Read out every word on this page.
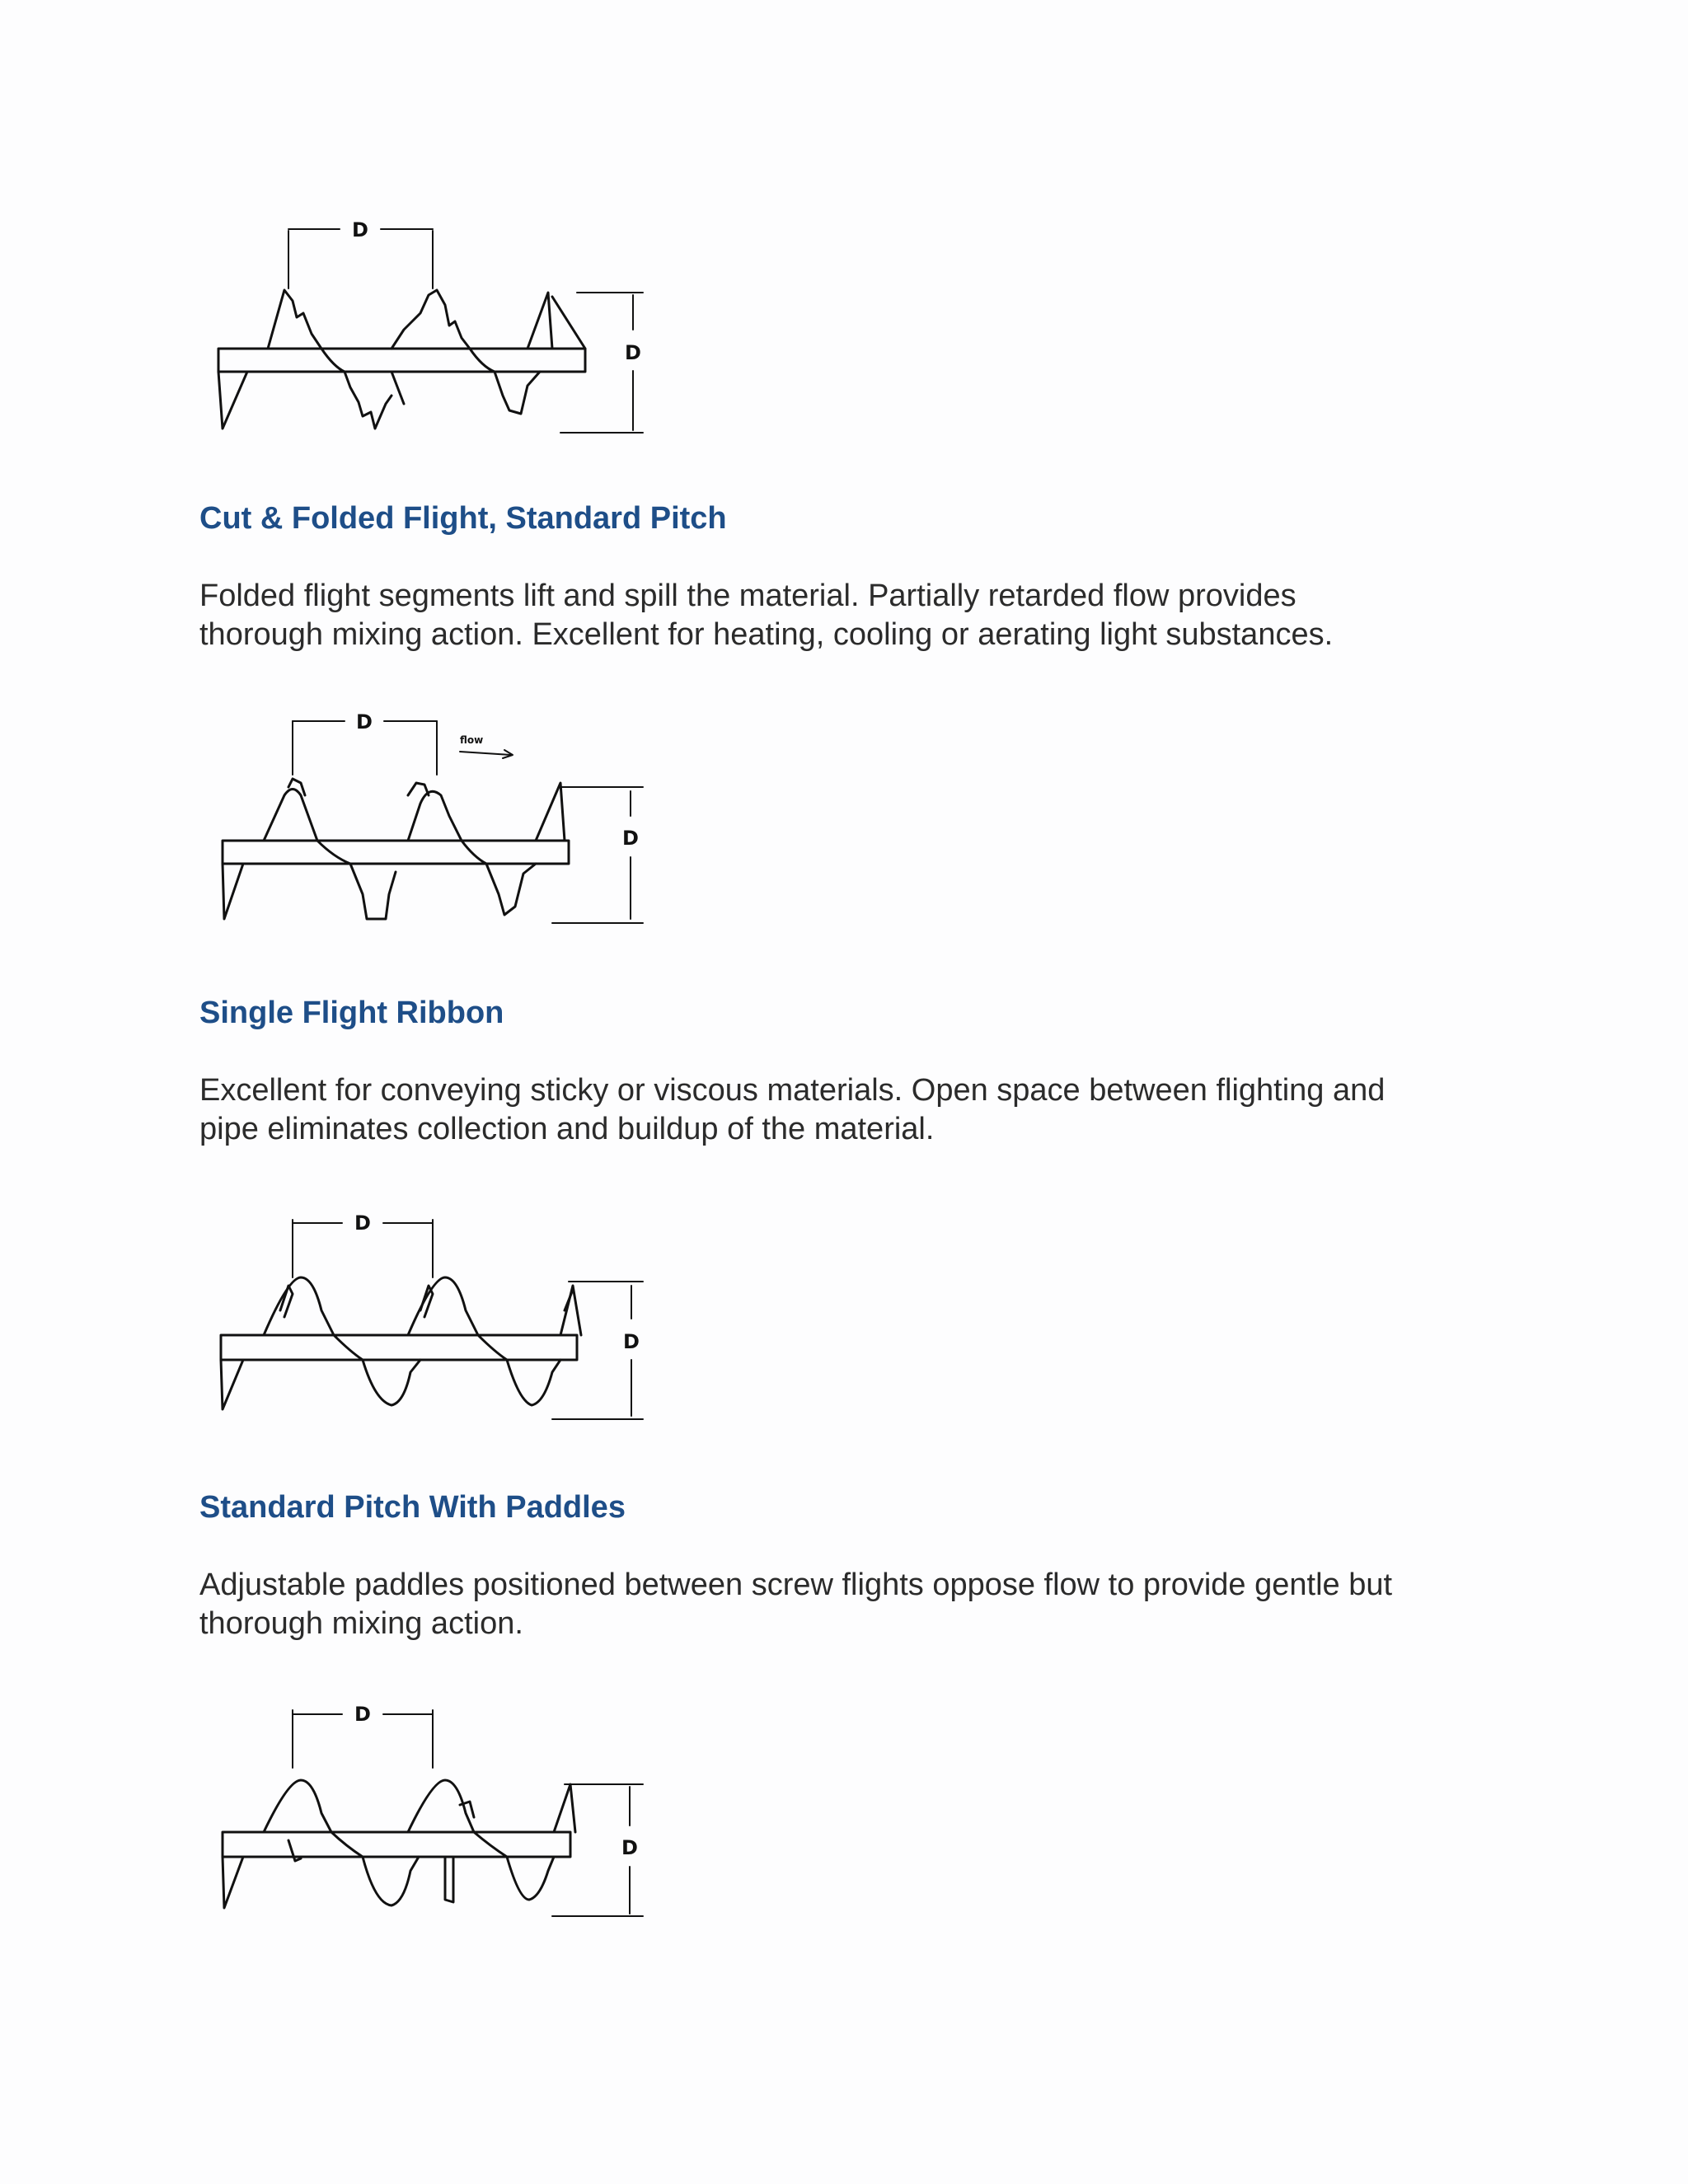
D
D
Cut & Folded Flight, Standard Pitch

Folded flight segments lift and spill the material. Partially retarded flow provides
thorough mixing action. Excellent for heating, cooling or aerating light substances.

D
flow
D
Single Flight Ribbon

Excellent for conveying sticky or viscous materials. Open space between flighting and
pipe eliminates collection and buildup of the material.

D
D
Standard Pitch With Paddles

Adjustable paddles positioned between screw flights oppose flow to provide gentle but
thorough mixing action.

D
D
